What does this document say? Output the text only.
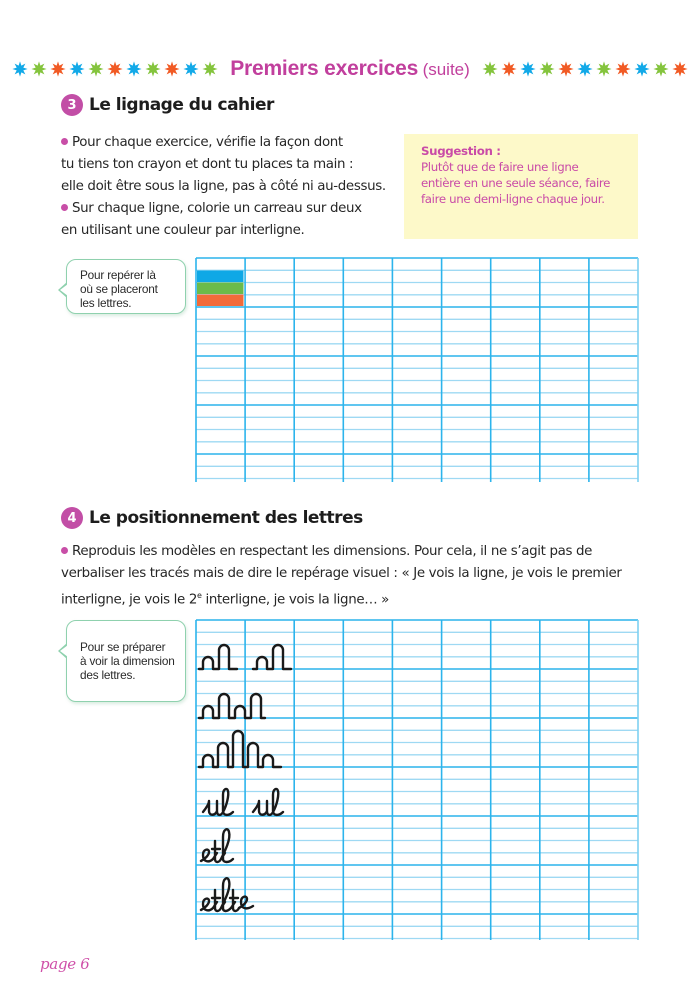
Premiers exercices (suite)
3 Le lignage du cahier
Pour chaque exercice, vérifie la façon dont
tu tiens ton crayon et dont tu places ta main :
elle doit être sous la ligne, pas à côté ni au-dessus.
Sur chaque ligne, colorie un carreau sur deux
en utilisant une couleur par interligne.
Suggestion :
Plutôt que de faire une ligne
entière en une seule séance, faire
faire une demi-ligne chaque jour.
Pour repérer là
où se placeront
les lettres.
4 Le positionnement des lettres
Reproduis les modèles en respectant les dimensions. Pour cela, il ne s’agit pas de
verbaliser les tracés mais de dire le repérage visuel : « Je vois la ligne, je vois le premier
interligne, je vois le 2e interligne, je vois la ligne… »
Pour se préparer
à voir la dimension
des lettres.
page 6
